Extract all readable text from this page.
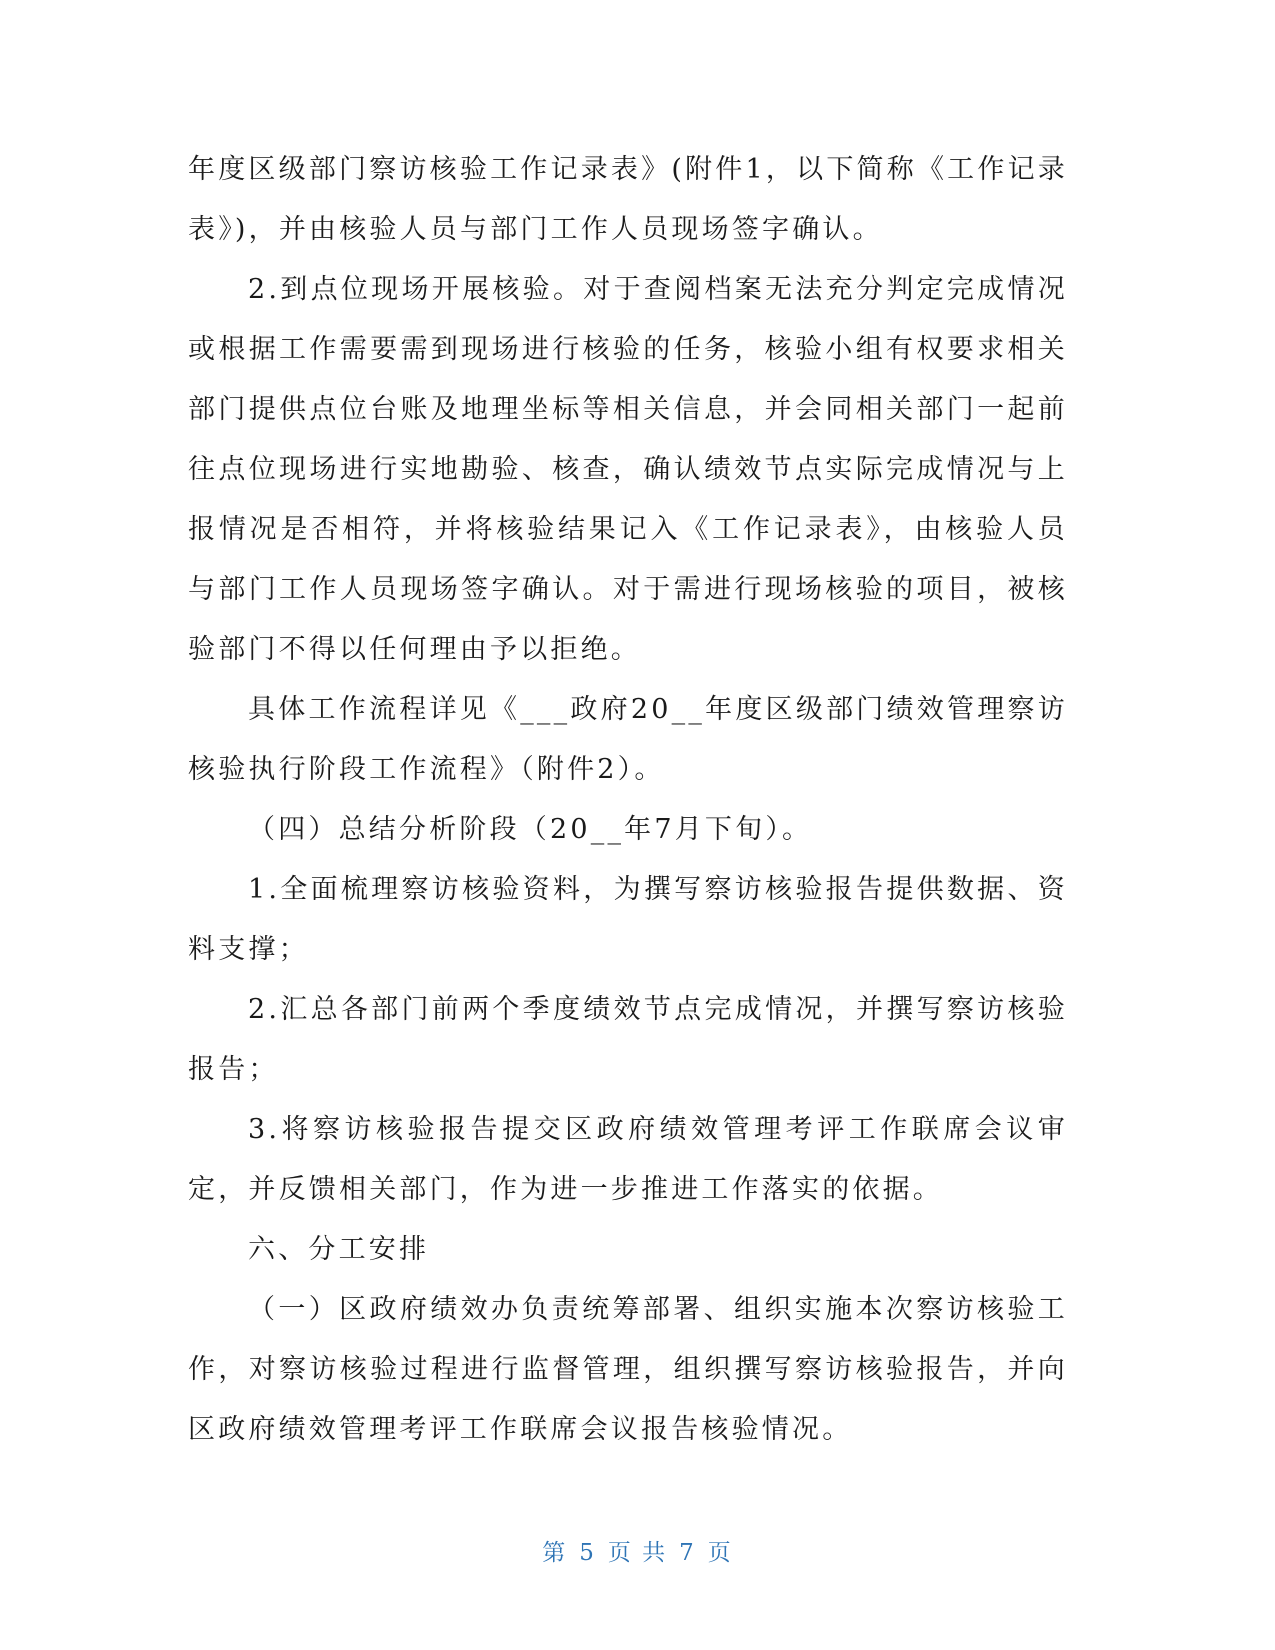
年度区级部门察访核验工作记录表》(附件1，以下简称《工作记录表》)，并由核验人员与部门工作人员现场签字确认。

2.到点位现场开展核验。对于查阅档案无法充分判定完成情况或根据工作需要需到现场进行核验的任务，核验小组有权要求相关部门提供点位台账及地理坐标等相关信息，并会同相关部门一起前往点位现场进行实地勘验、核查，确认绩效节点实际完成情况与上报情况是否相符，并将核验结果记入《工作记录表》，由核验人员与部门工作人员现场签字确认。对于需进行现场核验的项目，被核验部门不得以任何理由予以拒绝。

具体工作流程详见《___政府20__年度区级部门绩效管理察访核验执行阶段工作流程》（附件2）。

（四）总结分析阶段（20__年7月下旬）。

1.全面梳理察访核验资料，为撰写察访核验报告提供数据、资料支撑；

2.汇总各部门前两个季度绩效节点完成情况，并撰写察访核验报告；

3.将察访核验报告提交区政府绩效管理考评工作联席会议审定，并反馈相关部门，作为进一步推进工作落实的依据。

六、分工安排

（一）区政府绩效办负责统筹部署、组织实施本次察访核验工作，对察访核验过程进行监督管理，组织撰写察访核验报告，并向区政府绩效管理考评工作联席会议报告核验情况。

第 5 页 共 7 页
